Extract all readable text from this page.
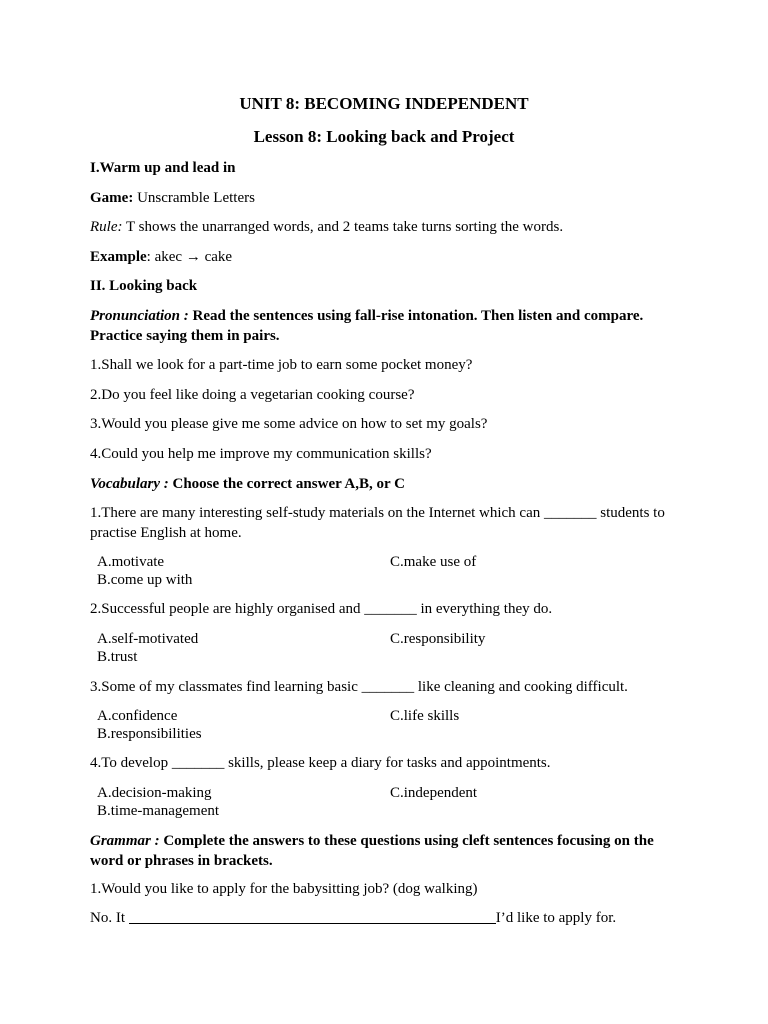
UNIT 8: BECOMING INDEPENDENT
Lesson 8: Looking back and Project
I.Warm up and lead in
Game: Unscramble Letters
Rule: T shows the unarranged words, and 2 teams take turns sorting the words.
Example: akec → cake
II. Looking back
Pronunciation : Read the sentences using fall-rise intonation. Then listen and compare.
Practice saying them in pairs.
1.Shall we look for a part-time job to earn some pocket money?
2.Do you feel like doing a vegetarian cooking course?
3.Would you please give me some advice on how to set my goals?
4.Could you help me improve my communication skills?
Vocabulary : Choose the correct answer A,B, or C
1.There are many interesting self-study materials on the Internet which can _______ students to
practise English at home.
A.motivate	C.make use of
B.come up with
2.Successful people are highly organised and _______ in everything they do.
A.self-motivated	C.responsibility
B.trust
3.Some of my classmates find learning basic _______ like cleaning and cooking difficult.
A.confidence	C.life skills
B.responsibilities
4.To develop _______ skills, please keep a diary for tasks and appointments.
A.decision-making	C.independent
B.time-management
Grammar : Complete the answers to these questions using cleft sentences focusing on the
word or phrases in brackets.
1.Would you like to apply for the babysitting job? (dog walking)
No. It	I’d like to apply for.
